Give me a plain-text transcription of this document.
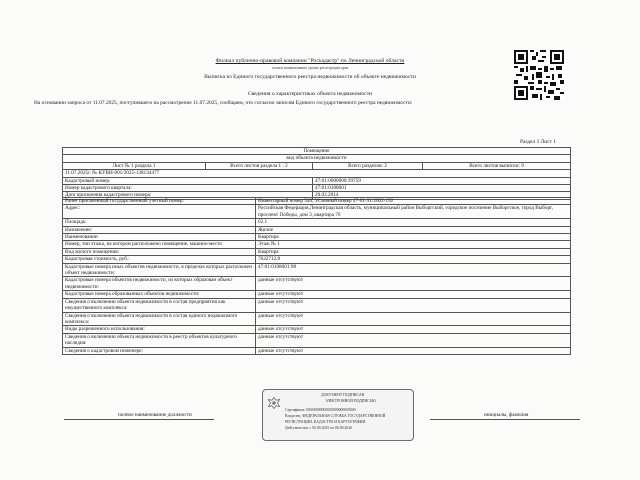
Филиал публично-правовой компании "Роскадастр" по Ленинградской области
полное наименование органа регистрации прав
Выписка из Единого государственного реестра недвижимости об объекте недвижимости
Сведения о характеристиках объекта недвижимости
На основании запроса от 11.07.2025, поступившего на рассмотрение 11.07.2025, сообщаем, что согласно записям Единого государственного реестра недвижимости:
Раздел 1 Лист 1
Помещение			
вид объекта недвижимости			
Лист № 1 раздела 1	Всего листов раздела 1 : 2	Всего разделов: 2	Всего листов выписки: 9
11.07.2025г. № КУВИ-001/2025-138134477			
Кадастровый номер:		47:01:0000000:39759	
Номер кадастрового квартала:		47:01:0108001	
Дата присвоения кадастрового номера:		20.02.2014	
Ранее присвоенный государственный учетный номер:	Инвентарный номер 540; Условный номер 47-01-31/2002-192
Адрес:	Российская Федерация,Ленинградская область, муниципальный район Выборгский, городское поселение Выборгское, город Выборг, проспект Победы, дом 3, квартира 76
Площадь:	62.1
Назначение:	Жилое
Наименование:	Квартира
Номер, тип этажа, на котором расположено помещение, машино-место	Этаж № 1
Вид жилого помещения:	Квартира
Кадастровая стоимость, руб.:	7622712.8
Кадастровые номера иных объектов недвижимости, в пределах которых расположен объект недвижимости:	47:01:0108001:98
Кадастровые номера объектов недвижимости, из которых образован объект недвижимости:	данные отсутствуют
Кадастровые номера образованных объектов недвижимости:	данные отсутствуют
Сведения о включении объекта недвижимости в состав предприятия как имущественного комплекса:	данные отсутствуют
Сведения о включении объекта недвижимости в состав единого недвижимого комплекса:	данные отсутствуют
Виды разрешенного использования:	данные отсутствуют
Сведения о включении объекта недвижимости в реестр объектов культурного наследия:	данные отсутствуют
Сведения о кадастровом инженере:	данные отсутствуют
полное наименование должности	инициалы, фамилия
ДОКУМЕНТ ПОДПИСАН
ЭЛЕКТРОННОЙ ПОДПИСЬЮ
Сертификат: 00000000000000000000000000
Владелец: ФЕДЕРАЛЬНАЯ СЛУЖБА ГОСУДАРСТВЕННОЙ
РЕГИСТРАЦИИ, КАДАСТРА И КАРТОГРАФИИ
Действителен: с 00.00.2025 по 00.00.2026
